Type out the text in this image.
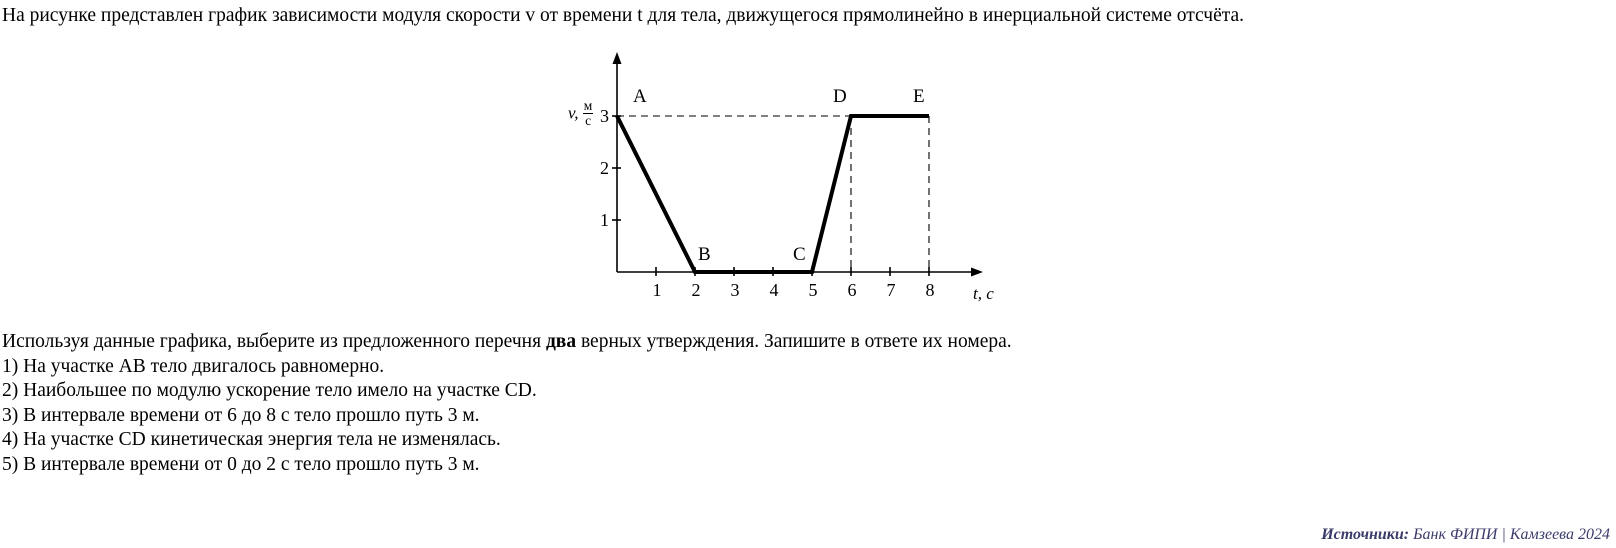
На рисунке представлен график зависимости модуля скорости v от времени t для тела, движущегося прямолинейно в инерциальной системе отсчёта.
v, $\frac{м}{с}$
t, c
3
2
1
1 2 3 4 5 6 7 8
A
B	C
D	E
Используя данные графика, выберите из предложенного перечня два верных утверждения. Запишите в ответе их номера.
1) На участке АВ тело двигалось равномерно.
2) Наибольшее по модулю ускорение тело имело на участке СD.
3) В интервале времени от 6 до 8 с тело прошло путь 3 м.
4) На участке СD кинетическая энергия тела не изменялась.
5) В интервале времени от 0 до 2 с тело прошло путь 3 м.
Источники: Банк ФИПИ | Камзеева 2024
